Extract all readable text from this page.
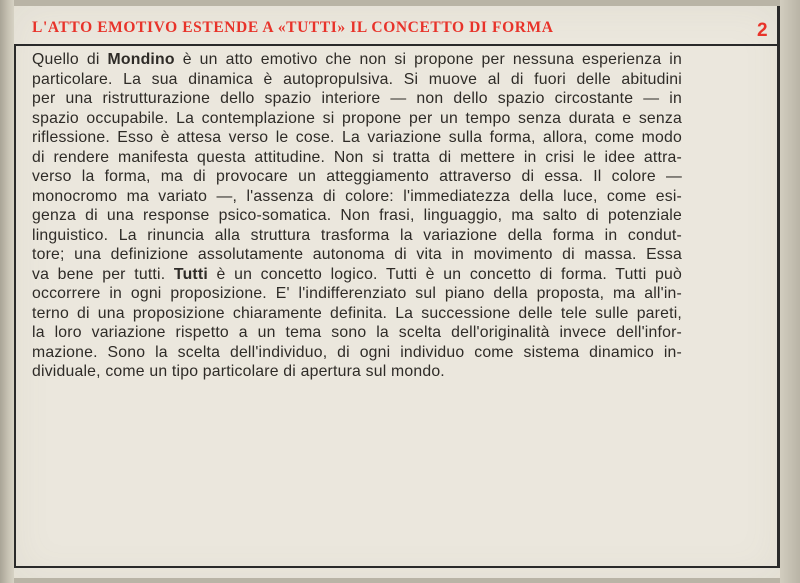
L'ATTO EMOTIVO ESTENDE A «TUTTI» IL CONCETTO DI FORMA	2
Quello di Mondino è un atto emotivo che non si propone per nessuna esperienza in
particolare. La sua dinamica è autopropulsiva. Si muove al di fuori delle abitudini
per una ristrutturazione dello spazio interiore — non dello spazio circostante — in
spazio occupabile. La contemplazione si propone per un tempo senza durata e senza
riflessione. Esso è attesa verso le cose. La variazione sulla forma, allora, come modo
di rendere manifesta questa attitudine. Non si tratta di mettere in crisi le idee attra-
verso la forma, ma di provocare un atteggiamento attraverso di essa. Il colore —
monocromo ma variato —, l'assenza di colore: l'immediatezza della luce, come esi-
genza di una response psico-somatica. Non frasi, linguaggio, ma salto di potenziale
linguistico. La rinuncia alla struttura trasforma la variazione della forma in condut-
tore; una definizione assolutamente autonoma di vita in movimento di massa. Essa
va bene per tutti. Tutti è un concetto logico. Tutti è un concetto di forma. Tutti può
occorrere in ogni proposizione. E' l'indifferenziato sul piano della proposta, ma all'in-
terno di una proposizione chiaramente definita. La successione delle tele sulle pareti,
la loro variazione rispetto a un tema sono la scelta dell'originalità invece dell'infor-
mazione. Sono la scelta dell'individuo, di ogni individuo come sistema dinamico in-
dividuale, come un tipo particolare di apertura sul mondo.
